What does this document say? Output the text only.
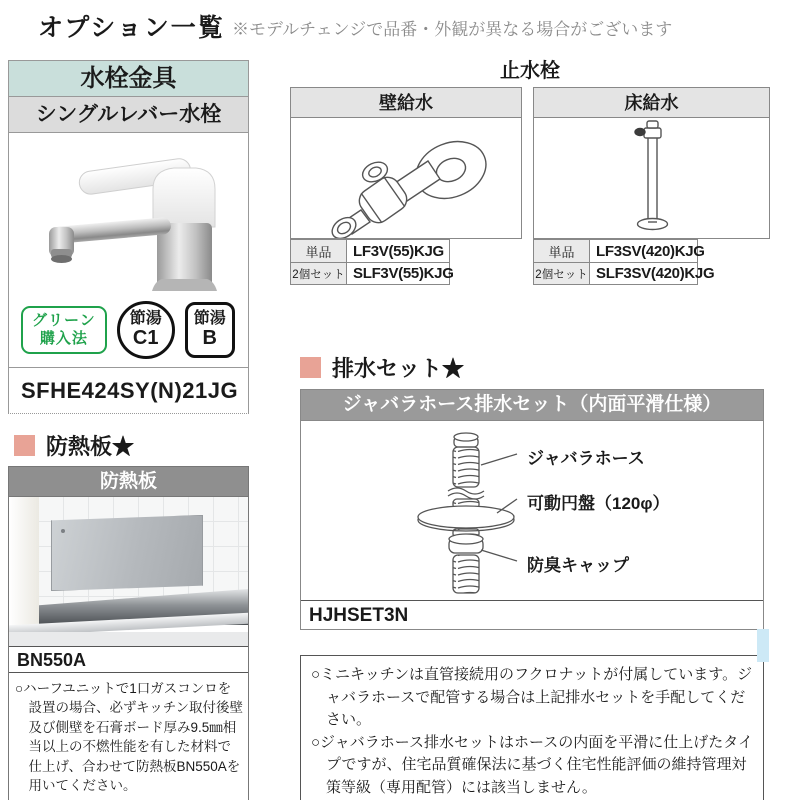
オプション一覧 ※モデルチェンジで品番・外観が異なる場合がございます
水栓金具
シングルレバー水栓
グリーン
購入法
節湯
C1
節湯
B
SFHE424SY(N)21JG
防熱板★
防熱板
BN550A

○ハーフユニットで1口ガスコンロを設置の場合、必ずキッチン取付後壁及び側壁を石膏ボード厚み9.5㎜相当以上の不燃性能を有した材料で仕上げ、合わせて防熱板BN550Aを用いてください。

止水栓
壁給水
単品	LF3V(55)KJG
2個セット SLF3V(55)KJG
床給水
単品	LF3SV(420)KJG
2個セット SLF3SV(420)KJG
排水セット★
ジャバラホース排水セット（内面平滑仕様）
ジャバラホース
可動円盤（120φ）
防臭キャップ
HJHSET3N

○ミニキッチンは直管接続用のフクロナットが付属しています。ジャバラホースで配管する場合は上記排水セットを手配してください。

○ジャバラホース排水セットはホースの内面を平滑に仕上げたタイプですが、住宅品質確保法に基づく住宅性能評価の維持管理対策等級（専用配管）には該当しません。
